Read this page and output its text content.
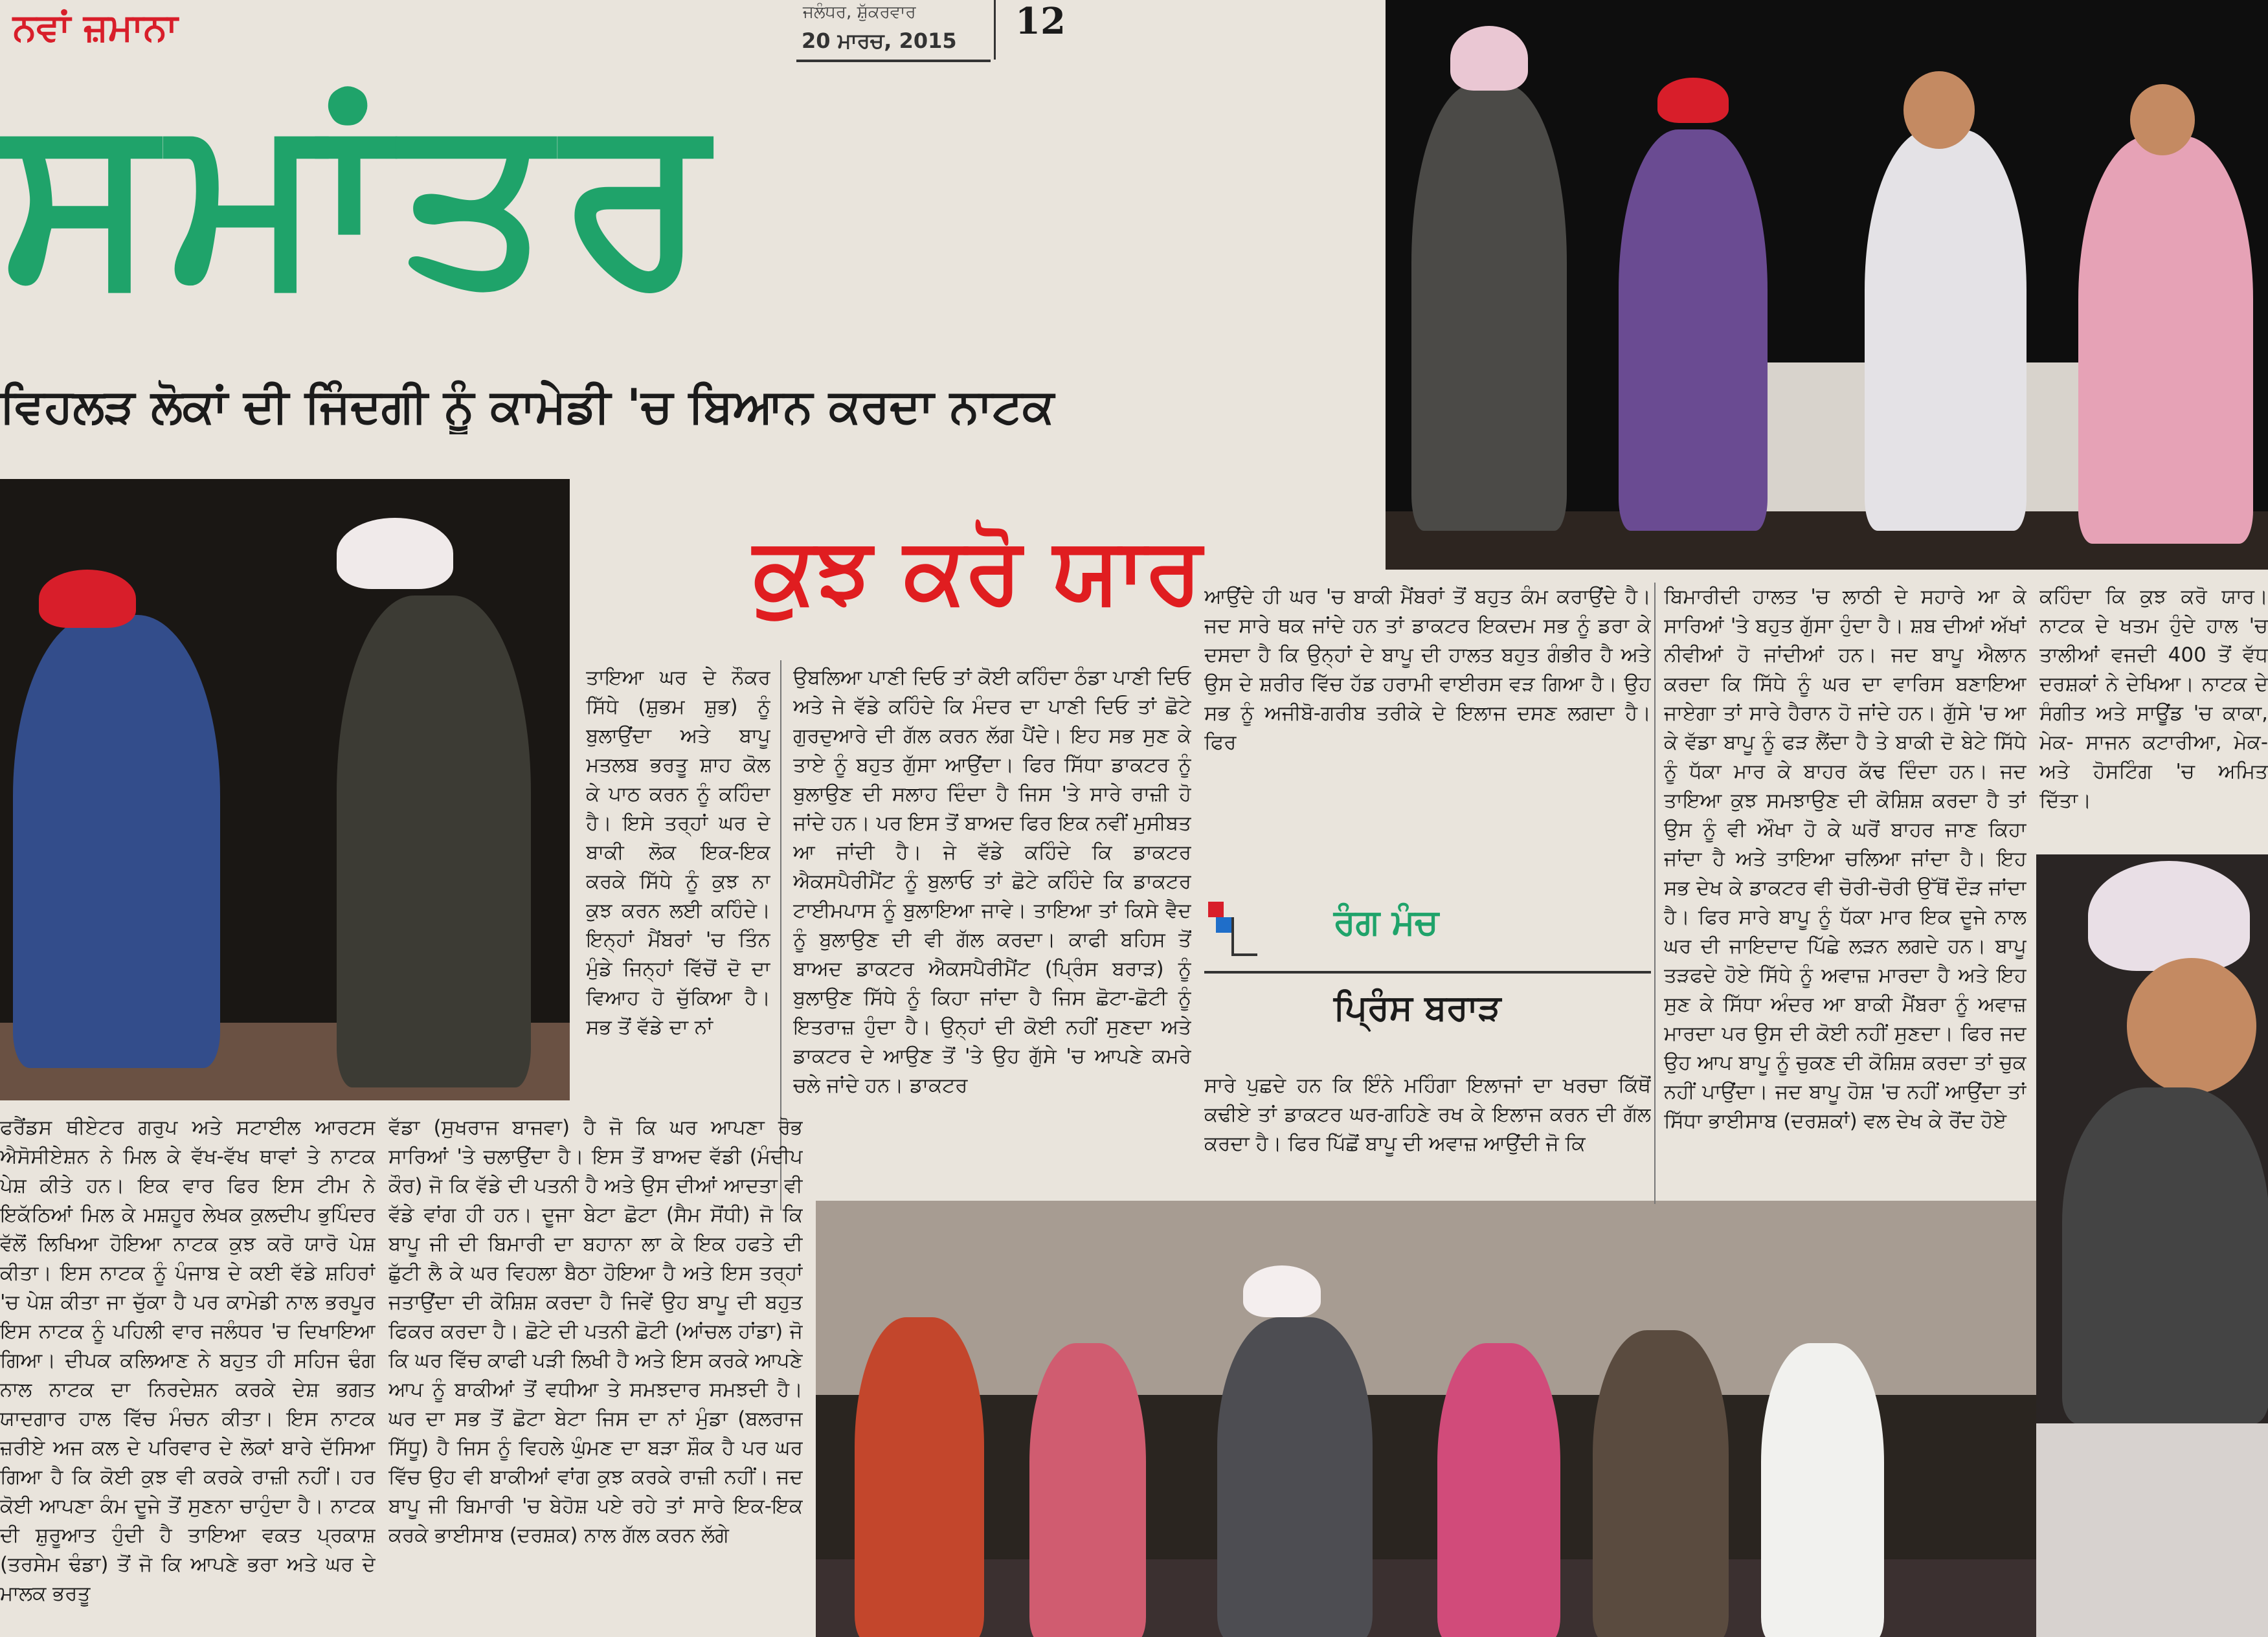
ਨਵਾਂ ਜ਼ਮਾਨਾ	ਜਲੰਧਰ, ਸ਼ੁੱਕਰਵਾਰ
20 ਮਾਰਚ, 2015	12
ਸਮਾਂਤਰ
ਵਿਹਲੜ ਲੋਕਾਂ ਦੀ ਜਿੰਦਗੀ ਨੂੰ ਕਾਮੇਡੀ 'ਚ ਬਿਆਨ ਕਰਦਾ ਨਾਟਕ
ਕੁਝ ਕਰੋ ਯਾਰ

ਤਾਇਆ ਘਰ ਦੇ ਨੌਕਰ ਸਿੱਧੇ (ਸ਼ੁਭਮ ਸ਼ੁਭ) ਨੂੰ ਬੁਲਾਉਂਦਾ ਅਤੇ ਬਾਪੂ ਮਤਲਬ ਭਰਤੂ ਸ਼ਾਹ ਕੋਲ ਕੇ ਪਾਠ ਕਰਨ ਨੂੰ ਕਹਿੰਦਾ ਹੈ। ਇਸੇ ਤਰ੍ਹਾਂ ਘਰ ਦੇ ਬਾਕੀ ਲੋਕ ਇਕ-ਇਕ ਕਰਕੇ ਸਿੱਧੇ ਨੂੰ ਕੁਝ ਨਾ ਕੁਝ ਕਰਨ ਲਈ ਕਹਿੰਦੇ। ਇਨ੍ਹਾਂ ਮੈਂਬਰਾਂ 'ਚ ਤਿੰਨ ਮੁੰਡੇ ਜਿਨ੍ਹਾਂ ਵਿੱਚੋਂ ਦੋ ਦਾ ਵਿਆਹ ਹੋ ਚੁੱਕਿਆ ਹੈ। ਸਭ ਤੋਂ ਵੱਡੇ ਦਾ ਨਾਂ

ਉਬਲਿਆ ਪਾਣੀ ਦਿਓ ਤਾਂ ਕੋਈ ਕਹਿੰਦਾ ਠੰਡਾ ਪਾਣੀ ਦਿਓ ਅਤੇ ਜੇ ਵੱਡੇ ਕਹਿੰਦੇ ਕਿ ਮੰਦਰ ਦਾ ਪਾਣੀ ਦਿਓ ਤਾਂ ਛੋਟੇ ਗੁਰਦੁਆਰੇ ਦੀ ਗੱਲ ਕਰਨ ਲੱਗ ਪੈਂਦੇ। ਇਹ ਸਭ ਸੁਣ ਕੇ ਤਾਏ ਨੂੰ ਬਹੁਤ ਗੁੱਸਾ ਆਉਂਦਾ। ਫਿਰ ਸਿੱਧਾ ਡਾਕਟਰ ਨੂੰ ਬੁਲਾਉਣ ਦੀ ਸਲਾਹ ਦਿੰਦਾ ਹੈ ਜਿਸ 'ਤੇ ਸਾਰੇ ਰਾਜ਼ੀ ਹੋ ਜਾਂਦੇ ਹਨ। ਪਰ ਇਸ ਤੋਂ ਬਾਅਦ ਫਿਰ ਇਕ ਨਵੀਂ ਮੁਸੀਬਤ ਆ ਜਾਂਦੀ ਹੈ। ਜੇ ਵੱਡੇ ਕਹਿੰਦੇ ਕਿ ਡਾਕਟਰ ਐਕਸਪੈਰੀਮੈਂਟ ਨੂੰ ਬੁਲਾਓ ਤਾਂ ਛੋਟੇ ਕਹਿੰਦੇ ਕਿ ਡਾਕਟਰ ਟਾਈਮਪਾਸ ਨੂੰ ਬੁਲਾਇਆ ਜਾਵੇ। ਤਾਇਆ ਤਾਂ ਕਿਸੇ ਵੈਦ ਨੂੰ ਬੁਲਾਉਣ ਦੀ ਵੀ ਗੱਲ ਕਰਦਾ। ਕਾਫੀ ਬਹਿਸ ਤੋਂ ਬਾਅਦ ਡਾਕਟਰ ਐਕਸਪੈਰੀਮੈਂਟ (ਪ੍ਰਿੰਸ ਬਰਾੜ) ਨੂੰ ਬੁਲਾਉਣ ਸਿੱਧੇ ਨੂੰ ਕਿਹਾ ਜਾਂਦਾ ਹੈ ਜਿਸ ਛੋਟਾ-ਛੋਟੀ ਨੂੰ ਇਤਰਾਜ਼ ਹੁੰਦਾ ਹੈ। ਉਨ੍ਹਾਂ ਦੀ ਕੋਈ ਨਹੀਂ ਸੁਣਦਾ ਅਤੇ ਡਾਕਟਰ ਦੇ ਆਉਣ ਤੋਂ 'ਤੇ ਉਹ ਗੁੱਸੇ 'ਚ ਆਪਣੇ ਕਮਰੇ ਚਲੇ ਜਾਂਦੇ ਹਨ। ਡਾਕਟਰ

ਆਉਂਦੇ ਹੀ ਘਰ 'ਚ ਬਾਕੀ ਮੈਂਬਰਾਂ ਤੋਂ ਬਹੁਤ ਕੰਮ ਕਰਾਉਂਦੇ ਹੈ। ਜਦ ਸਾਰੇ ਥਕ ਜਾਂਦੇ ਹਨ ਤਾਂ ਡਾਕਟਰ ਇਕਦਮ ਸਭ ਨੂੰ ਡਰਾ ਕੇ ਦਸਦਾ ਹੈ ਕਿ ਉਨ੍ਹਾਂ ਦੇ ਬਾਪੂ ਦੀ ਹਾਲਤ ਬਹੁਤ ਗੰਭੀਰ ਹੈ ਅਤੇ ਉਸ ਦੇ ਸ਼ਰੀਰ ਵਿੱਚ ਹੱਡ ਹਰਾਮੀ ਵਾਈਰਸ ਵੜ ਗਿਆ ਹੈ। ਉਹ ਸਭ ਨੂੰ ਅਜੀਬੋ-ਗਰੀਬ ਤਰੀਕੇ ਦੇ ਇਲਾਜ ਦਸਣ ਲਗਦਾ ਹੈ। ਫਿਰ

ਰੰਗ ਮੰਚ
ਪ੍ਰਿੰਸ ਬਰਾੜ

ਸਾਰੇ ਪੁਛਦੇ ਹਨ ਕਿ ਇੰਨੇ ਮਹਿੰਗਾ ਇਲਾਜਾਂ ਦਾ ਖਰਚਾ ਕਿੱਥੋਂ ਕਢੀਏ ਤਾਂ ਡਾਕਟਰ ਘਰ-ਗਹਿਣੇ ਰਖ ਕੇ ਇਲਾਜ ਕਰਨ ਦੀ ਗੱਲ ਕਰਦਾ ਹੈ। ਫਿਰ ਪਿੱਛੋਂ ਬਾਪੂ ਦੀ ਅਵਾਜ਼ ਆਉਂਦੀ ਜੋ ਕਿ

ਬਿਮਾਰੀਦੀ ਹਾਲਤ 'ਚ ਲਾਠੀ ਦੇ ਸਹਾਰੇ ਆ ਕੇ ਸਾਰਿਆਂ 'ਤੇ ਬਹੁਤ ਗੁੱਸਾ ਹੁੰਦਾ ਹੈ। ਸ਼ਬ ਦੀਆਂ ਅੱਖਾਂ ਨੀਵੀਆਂ ਹੋ ਜਾਂਦੀਆਂ ਹਨ। ਜਦ ਬਾਪੂ ਐਲਾਨ ਕਰਦਾ ਕਿ ਸਿੱਧੇ ਨੂੰ ਘਰ ਦਾ ਵਾਰਿਸ ਬਣਾਇਆ ਜਾਏਗਾ ਤਾਂ ਸਾਰੇ ਹੈਰਾਨ ਹੋ ਜਾਂਦੇ ਹਨ। ਗੁੱਸੇ 'ਚ ਆ ਕੇ ਵੱਡਾ ਬਾਪੂ ਨੂੰ ਫੜ ਲੈਂਦਾ ਹੈ ਤੇ ਬਾਕੀ ਦੋ ਬੇਟੇ ਸਿੱਧੇ ਨੂੰ ਧੱਕਾ ਮਾਰ ਕੇ ਬਾਹਰ ਕੱਢ ਦਿੰਦਾ ਹਨ। ਜਦ ਤਾਇਆ ਕੁਝ ਸਮਝਾਉਣ ਦੀ ਕੋਸ਼ਿਸ਼ ਕਰਦਾ ਹੈ ਤਾਂ ਉਸ ਨੂੰ ਵੀ ਔਖਾ ਹੋ ਕੇ ਘਰੋਂ ਬਾਹਰ ਜਾਣ ਕਿਹਾ ਜਾਂਦਾ ਹੈ ਅਤੇ ਤਾਇਆ ਚਲਿਆ ਜਾਂਦਾ ਹੈ। ਇਹ ਸਭ ਦੇਖ ਕੇ ਡਾਕਟਰ ਵੀ ਚੋਰੀ-ਚੋਰੀ ਉੱਥੋਂ ਦੌੜ ਜਾਂਦਾ ਹੈ। ਫਿਰ ਸਾਰੇ ਬਾਪੂ ਨੂੰ ਧੱਕਾ ਮਾਰ ਇਕ ਦੂਜੇ ਨਾਲ ਘਰ ਦੀ ਜਾਇਦਾਦ ਪਿੱਛੇ ਲੜਨ ਲਗਦੇ ਹਨ। ਬਾਪੂ ਤੜਫਦੇ ਹੋਏ ਸਿੱਧੇ ਨੂੰ ਅਵਾਜ਼ ਮਾਰਦਾ ਹੈ ਅਤੇ ਇਹ ਸੁਣ ਕੇ ਸਿੱਧਾ ਅੰਦਰ ਆ ਬਾਕੀ ਮੈਂਬਰਾ ਨੂੰ ਅਵਾਜ਼ ਮਾਰਦਾ ਪਰ ਉਸ ਦੀ ਕੋਈ ਨਹੀਂ ਸੁਣਦਾ। ਫਿਰ ਜਦ ਉਹ ਆਪ ਬਾਪੂ ਨੂੰ ਚੁਕਣ ਦੀ ਕੋਸ਼ਿਸ਼ ਕਰਦਾ ਤਾਂ ਚੁਕ ਨਹੀਂ ਪਾਉਂਦਾ। ਜਦ ਬਾਪੂ ਹੋਸ਼ 'ਚ ਨਹੀਂ ਆਉਂਦਾ ਤਾਂ ਸਿੱਧਾ ਭਾਈਸਾਬ (ਦਰਸ਼ਕਾਂ) ਵਲ ਦੇਖ ਕੇ ਰੋਂਦ ਹੋਏ

ਕਹਿੰਦਾ ਕਿ ਕੁਝ ਕਰੋ ਯਾਰ। ਨਾਟਕ ਦੇ ਖਤਮ ਹੁੰਦੇ ਹਾਲ 'ਚ ਤਾਲੀਆਂ ਵਜਦੀ 400 ਤੋਂ ਵੱਧ ਦਰਸ਼ਕਾਂ ਨੇ ਦੇਖਿਆ। ਨਾਟਕ ਦੇ ਸੰਗੀਤ ਅਤੇ ਸਾਊਂਡ 'ਚ ਕਾਕਾ, ਮੇਕ- ਸਾਜਨ ਕਟਾਰੀਆ, ਮੇਕ- ਅਤੇ ਹੋਸਟਿੰਗ 'ਚ ਅਮਿਤ ਦਿੱਤਾ।

ਫਰੈਂਡਸ ਥੀਏਟਰ ਗਰੁਪ ਅਤੇ ਸਟਾਈਲ ਆਰਟਸ ਐਸੋਸੀਏਸ਼ਨ ਨੇ ਮਿਲ ਕੇ ਵੱਖ-ਵੱਖ ਥਾਵਾਂ ਤੇ ਨਾਟਕ ਪੇਸ਼ ਕੀਤੇ ਹਨ। ਇਕ ਵਾਰ ਫਿਰ ਇਸ ਟੀਮ ਨੇ ਇਕੱਠਿਆਂ ਮਿਲ ਕੇ ਮਸ਼ਹੂਰ ਲੇਖਕ ਕੁਲਦੀਪ ਭੁਪਿੰਦਰ ਵੱਲੋਂ ਲਿਖਿਆ ਹੋਇਆ ਨਾਟਕ ਕੁਝ ਕਰੋ ਯਾਰੋ ਪੇਸ਼ ਕੀਤਾ। ਇਸ ਨਾਟਕ ਨੂੰ ਪੰਜਾਬ ਦੇ ਕਈ ਵੱਡੇ ਸ਼ਹਿਰਾਂ 'ਚ ਪੇਸ਼ ਕੀਤਾ ਜਾ ਚੁੱਕਾ ਹੈ ਪਰ ਕਾਮੇਡੀ ਨਾਲ ਭਰਪੂਰ ਇਸ ਨਾਟਕ ਨੂੰ ਪਹਿਲੀ ਵਾਰ ਜਲੰਧਰ 'ਚ ਦਿਖਾਇਆ ਗਿਆ। ਦੀਪਕ ਕਲਿਆਣ ਨੇ ਬਹੁਤ ਹੀ ਸਹਿਜ ਢੰਗ ਨਾਲ ਨਾਟਕ ਦਾ ਨਿਰਦੇਸ਼ਨ ਕਰਕੇ ਦੇਸ਼ ਭਗਤ ਯਾਦਗਾਰ ਹਾਲ ਵਿੱਚ ਮੰਚਨ ਕੀਤਾ। ਇਸ ਨਾਟਕ ਜ਼ਰੀਏ ਅਜ ਕਲ ਦੇ ਪਰਿਵਾਰ ਦੇ ਲੋਕਾਂ ਬਾਰੇ ਦੱਸਿਆ ਗਿਆ ਹੈ ਕਿ ਕੋਈ ਕੁਝ ਵੀ ਕਰਕੇ ਰਾਜ਼ੀ ਨਹੀਂ। ਹਰ ਕੋਈ ਆਪਣਾ ਕੰਮ ਦੂਜੇ ਤੋਂ ਸੁਣਨਾ ਚਾਹੁੰਦਾ ਹੈ। ਨਾਟਕ ਦੀ ਸ਼ੁਰੂਆਤ ਹੁੰਦੀ ਹੈ ਤਾਇਆ ਵਕਤ ਪ੍ਰਕਾਸ਼ (ਤਰਸੇਮ ਢੰਡਾ) ਤੋਂ ਜੋ ਕਿ ਆਪਣੇ ਭਰਾ ਅਤੇ ਘਰ ਦੇ ਮਾਲਕ ਭਰਤੂ

ਵੱਡਾ (ਸੁਖਰਾਜ ਬਾਜਵਾ) ਹੈ ਜੋ ਕਿ ਘਰ ਆਪਣਾ ਰੋਭ ਸਾਰਿਆਂ 'ਤੇ ਚਲਾਉਂਦਾ ਹੈ। ਇਸ ਤੋਂ ਬਾਅਦ ਵੱਡੀ (ਮੰਦੀਪ ਕੌਰ) ਜੋ ਕਿ ਵੱਡੇ ਦੀ ਪਤਨੀ ਹੈ ਅਤੇ ਉਸ ਦੀਆਂ ਆਦਤਾ ਵੀ ਵੱਡੇ ਵਾਂਗ ਹੀ ਹਨ। ਦੂਜਾ ਬੇਟਾ ਛੋਟਾ (ਸੈਮ ਸੋਂਧੀ) ਜੋ ਕਿ ਬਾਪੂ ਜੀ ਦੀ ਬਿਮਾਰੀ ਦਾ ਬਹਾਨਾ ਲਾ ਕੇ ਇਕ ਹਫਤੇ ਦੀ ਛੁੱਟੀ ਲੈ ਕੇ ਘਰ ਵਿਹਲਾ ਬੈਠਾ ਹੋਇਆ ਹੈ ਅਤੇ ਇਸ ਤਰ੍ਹਾਂ ਜਤਾਉਂਦਾ ਦੀ ਕੋਸ਼ਿਸ਼ ਕਰਦਾ ਹੈ ਜਿਵੇਂ ਉਹ ਬਾਪੂ ਦੀ ਬਹੁਤ ਫਿਕਰ ਕਰਦਾ ਹੈ। ਛੋਟੇ ਦੀ ਪਤਨੀ ਛੋਟੀ (ਆਂਚਲ ਹਾਂਡਾ) ਜੋ ਕਿ ਘਰ ਵਿੱਚ ਕਾਫੀ ਪੜੀ ਲਿਖੀ ਹੈ ਅਤੇ ਇਸ ਕਰਕੇ ਆਪਣੇ ਆਪ ਨੂੰ ਬਾਕੀਆਂ ਤੋਂ ਵਧੀਆ ਤੇ ਸਮਝਦਾਰ ਸਮਝਦੀ ਹੈ। ਘਰ ਦਾ ਸਭ ਤੋਂ ਛੋਟਾ ਬੇਟਾ ਜਿਸ ਦਾ ਨਾਂ ਮੁੰਡਾ (ਬਲਰਾਜ ਸਿੱਧੂ) ਹੈ ਜਿਸ ਨੂੰ ਵਿਹਲੇ ਘੁੰਮਣ ਦਾ ਬੜਾ ਸ਼ੌਕ ਹੈ ਪਰ ਘਰ ਵਿੱਚ ਉਹ ਵੀ ਬਾਕੀਆਂ ਵਾਂਗ ਕੁਝ ਕਰਕੇ ਰਾਜ਼ੀ ਨਹੀਂ। ਜਦ ਬਾਪੂ ਜੀ ਬਿਮਾਰੀ 'ਚ ਬੇਹੋਸ਼ ਪਏ ਰਹੇ ਤਾਂ ਸਾਰੇ ਇਕ-ਇਕ ਕਰਕੇ ਭਾਈਸਾਬ (ਦਰਸ਼ਕ) ਨਾਲ ਗੱਲ ਕਰਨ ਲੱਗੇ
